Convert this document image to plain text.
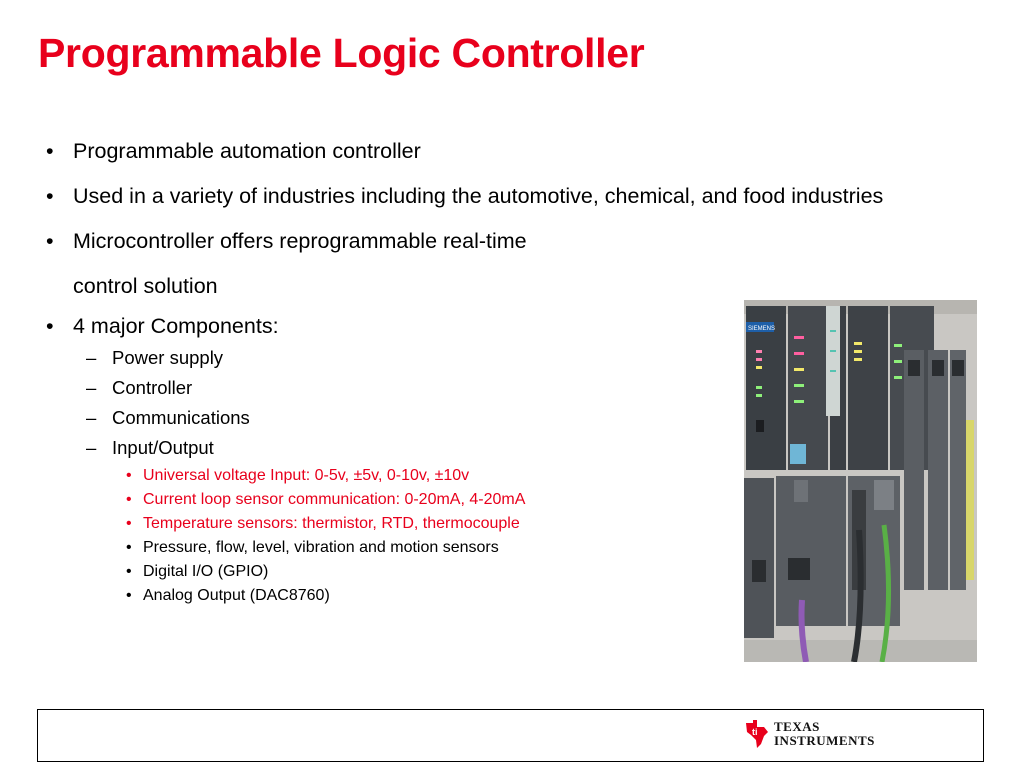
Programmable Logic Controller
• Programmable automation controller
• Used in a variety of industries including the automotive, chemical, and food industries
• Microcontroller offers reprogrammable real-time
control solution
• 4 major Components:
– Power supply
– Controller
– Communications
– Input/Output
• Universal voltage Input: 0-5v, ±5v, 0-10v, ±10v
• Current loop sensor communication: 0-20mA, 4-20mA
• Temperature sensors: thermistor, RTD, thermocouple
• Pressure, flow, level, vibration and motion sensors
• Digital I/O (GPIO)
• Analog Output (DAC8760)
SIEMENS
ti TEXAS
INSTRUMENTS
